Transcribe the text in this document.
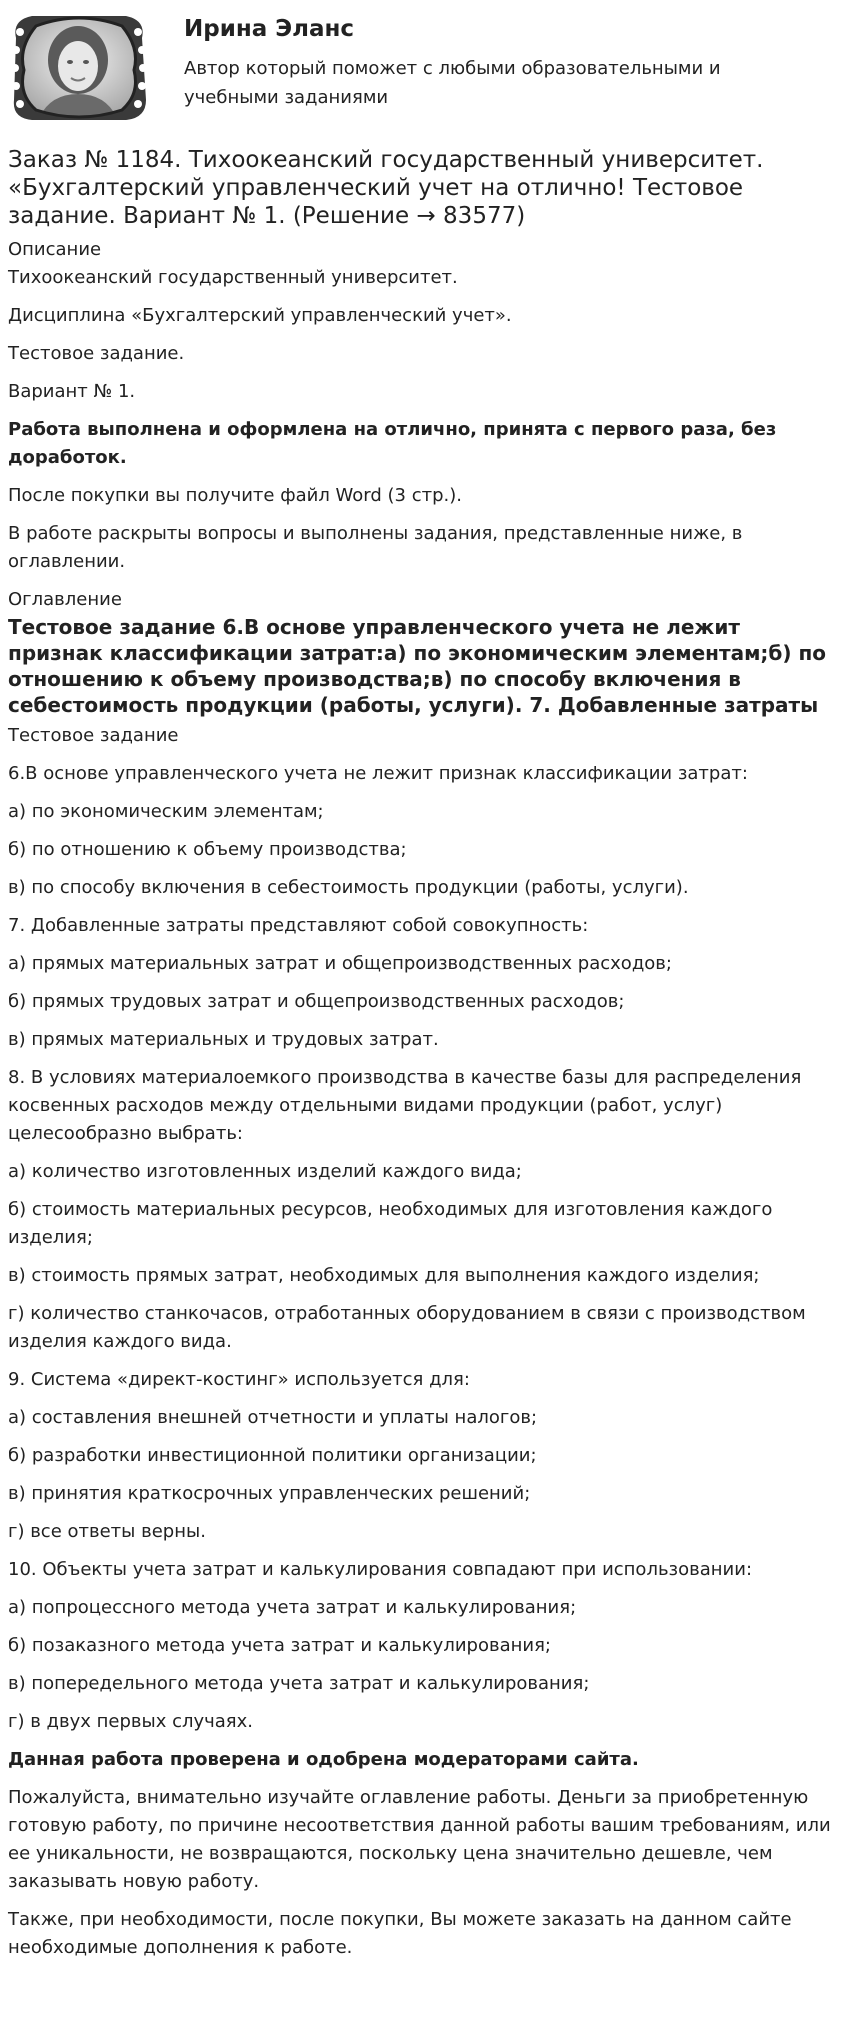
Ирина Эланс
Автор который поможет с любыми образовательными и учебными заданиями
Заказ № 1184. Тихоокеанский государственный университет. «Бухгалтерский управленческий учет на отлично! Тестовое задание. Вариант № 1. (Решение → 83577)
Описание

Тихоокеанский государственный университет.

Дисциплина «Бухгалтерский управленческий учет».

Тестовое задание.

Вариант № 1.

Работа выполнена и оформлена на отлично, принята с первого раза, без доработок.

После покупки вы получите файл Word (3 стр.).

В работе раскрыты вопросы и выполнены задания, представленные ниже, в оглавлении.

Оглавление
Тестовое задание 6.В основе управленческого учета не лежит признак классификации затрат:а) по экономическим элементам;б) по отношению к объему производства;в) по способу включения в себестоимость продукции (работы, услуги). 7. Добавленные затраты

Тестовое задание

6.В основе управленческого учета не лежит признак классификации затрат:

а) по экономическим элементам;

б) по отношению к объему производства;

в) по способу включения в себестоимость продукции (работы, услуги).

7. Добавленные затраты представляют собой совокупность:

а) прямых материальных затрат и общепроизводственных расходов;

б) прямых трудовых затрат и общепроизводственных расходов;

в) прямых материальных и трудовых затрат.

8. В условиях материалоемкого производства в качестве базы для распределения косвенных расходов между отдельными видами продукции (работ, услуг) целесообразно выбрать:

а) количество изготовленных изделий каждого вида;

б) стоимость материальных ресурсов, необходимых для изготовления каждого изделия;

в) стоимость прямых затрат, необходимых для выполнения каждого изделия;

г) количество станкочасов, отработанных оборудованием в связи с производством изделия каждого вида.

9. Система «директ-костинг» используется для:

а) составления внешней отчетности и уплаты налогов;

б) разработки инвестиционной политики организации;

в) принятия краткосрочных управленческих решений;

г) все ответы верны.

10. Объекты учета затрат и калькулирования совпадают при использовании:

а) попроцессного метода учета затрат и калькулирования;

б) позаказного метода учета затрат и калькулирования;

в) попередельного метода учета затрат и калькулирования;

г) в двух первых случаях.

Данная работа проверена и одобрена модераторами сайта.

Пожалуйста, внимательно изучайте оглавление работы. Деньги за приобретенную готовую работу, по причине несоответствия данной работы вашим требованиям, или ее уникальности, не возвращаются, поскольку цена значительно дешевле, чем заказывать новую работу.

Также, при необходимости, после покупки, Вы можете заказать на данном сайте необходимые дополнения к работе.
